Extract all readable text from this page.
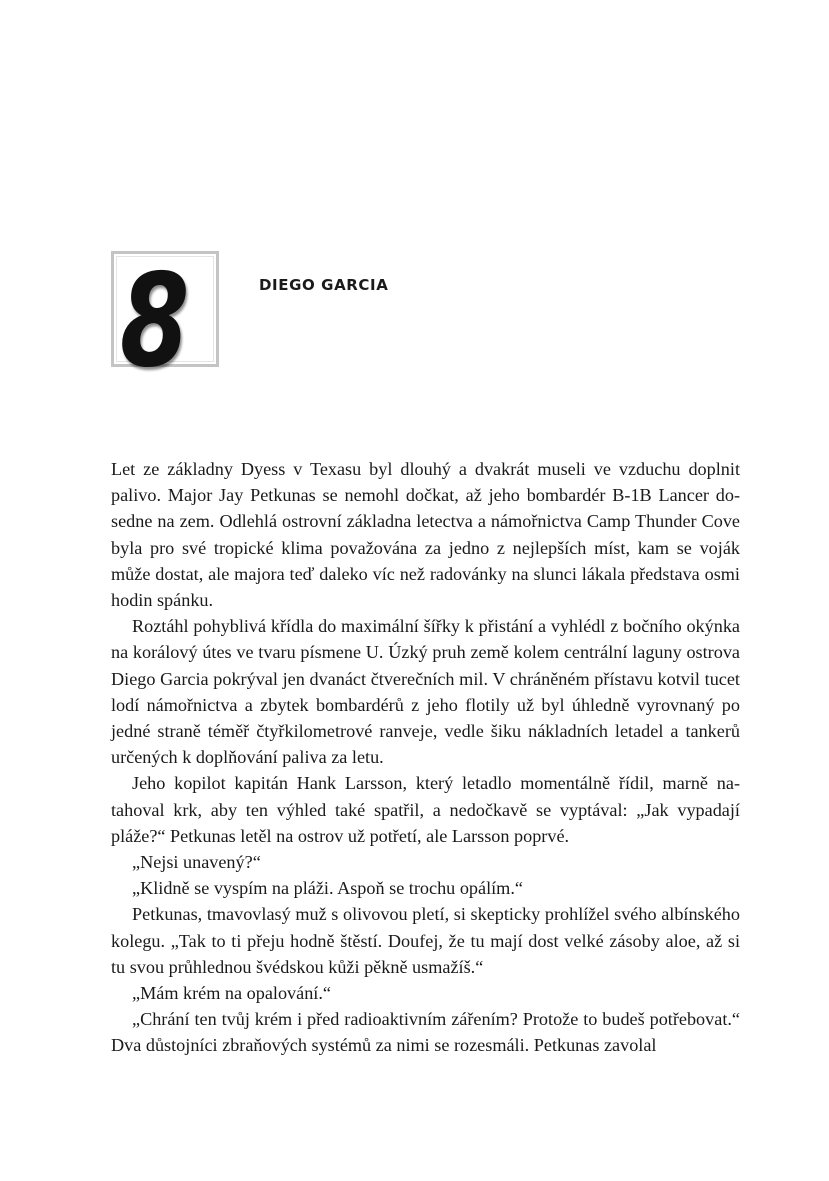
8	DIEGO GARCIA

Let ze základny Dyess v Texasu byl dlouhý a dvakrát museli ve vzduchu doplnit palivo. Major Jay Petkunas se nemohl dočkat, až jeho bombardér B-1B Lancer dosedne na zem. Odlehlá ostrovní základna letectva a námořnictva Camp Thunder Cove byla pro své tropické klima považována za jedno z nejlepších míst, kam se voják může dostat, ale majora teď daleko víc než radovánky na slunci lákala představa osmi hodin spánku.

Roztáhl pohyblivá křídla do maximální šířky k přistání a vyhlédl z bočního okýnka na korálový útes ve tvaru písmene U. Úzký pruh země kolem centrální laguny ostrova Diego Garcia pokrýval jen dvanáct čtverečních mil. V chráněném přístavu kotvil tucet lodí námořnictva a zbytek bombardérů z jeho flotily už byl úhledně vyrovnaný po jedné straně téměř čtyřkilometrové ranveje, vedle šiku nákladních letadel a tankerů určených k doplňování paliva za letu.

Jeho kopilot kapitán Hank Larsson, který letadlo momentálně řídil, marně natahoval krk, aby ten výhled také spatřil, a nedočkavě se vyptával: „Jak vypadají pláže?“ Petkunas letěl na ostrov už potřetí, ale Larsson poprvé.

„Nejsi unavený?“

„Klidně se vyspím na pláži. Aspoň se trochu opálím.“

Petkunas, tmavovlasý muž s olivovou pletí, si skepticky prohlížel svého albínského kolegu. „Tak to ti přeju hodně štěstí. Doufej, že tu mají dost velké zásoby aloe, až si tu svou průhlednou švédskou kůži pěkně usmažíš.“

„Mám krém na opalování.“

„Chrání ten tvůj krém i před radioaktivním zářením? Protože to budeš potřebovat.“ Dva důstojníci zbraňových systémů za nimi se rozesmáli. Petkunas zavolal
